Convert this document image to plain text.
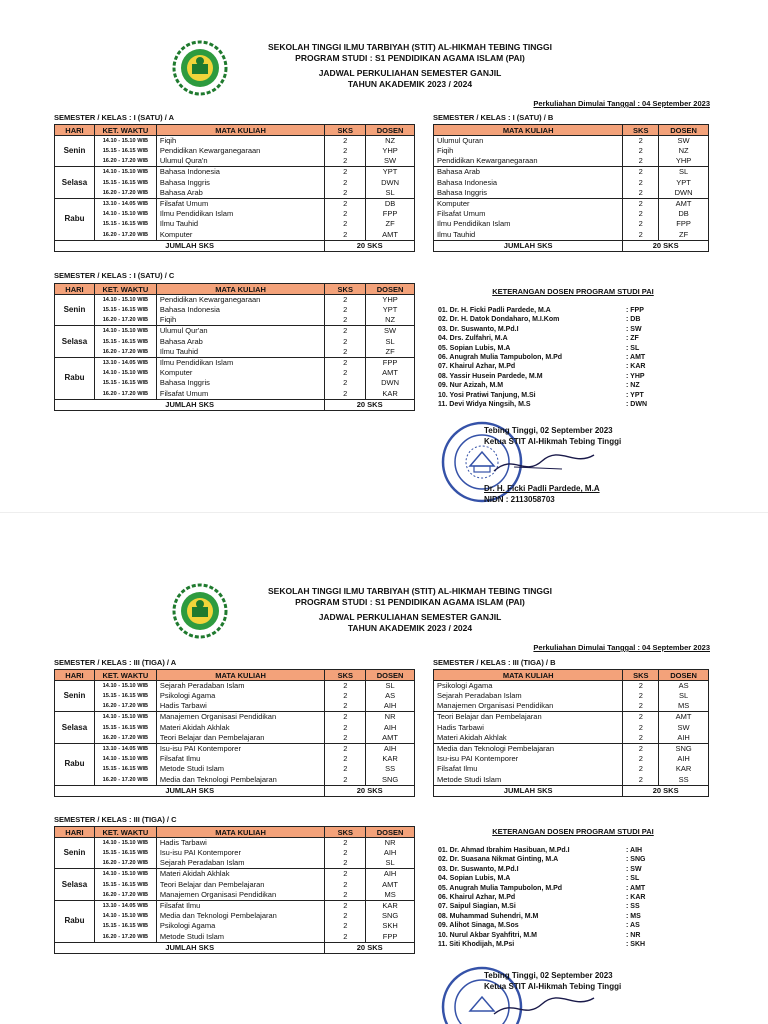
SEKOLAH TINGGI ILMU TARBIYAH (STIT) AL-HIKMAH TEBING TINGGI
PROGRAM STUDI : S1 PENDIDIKAN AGAMA ISLAM (PAI)
JADWAL PERKULIAHAN SEMESTER GANJIL
TAHUN AKADEMIK 2023 / 2024
Perkuliahan Dimulai Tanggal : 04 September 2023
SEMESTER / KELAS : I (SATU) / A
HARI	KET. WAKTU	MATA KULIAH	SKS	DOSEN
Senin	14.10 - 15.10 WIB	Fiqih	2	NZ
	15.15 - 16.15 WIB	Pendidikan Kewarganegaraan	2	YHP
	16.20 - 17.20 WIB	Ulumul Qura'n	2	SW
Selasa	14.10 - 15.10 WIB	Bahasa Indonesia	2	YPT
	15.15 - 16.15 WIB	Bahasa Inggris	2	DWN
	16.20 - 17.20 WIB	Bahasa Arab	2	SL
Rabu	13.10 - 14.05 WIB	Filsafat Umum	2	DB
	14.10 - 15.10 WIB	Ilmu Pendidikan Islam	2	FPP
	15.15 - 16.15 WIB	Ilmu Tauhid	2	ZF
	16.20 - 17.20 WIB	Komputer	2	AMT
JUMLAH SKS			20 SKS	
SEMESTER / KELAS : I (SATU) / B
MATA KULIAH	SKS	DOSEN
Ulumul Quran	2	SW
Fiqih	2	NZ
Pendidikan Kewarganegaraan	2	YHP
Bahasa Arab	2	SL
Bahasa Indonesia	2	YPT
Bahasa Inggris	2	DWN
Komputer	2	AMT
Filsafat Umum	2	DB
Ilmu Pendidikan Islam	2	FPP
Ilmu Tauhid	2	ZF
JUMLAH SKS	20 SKS	
SEMESTER / KELAS : I (SATU) / C
HARI	KET. WAKTU	MATA KULIAH	SKS	DOSEN
Senin	14.10 - 15.10 WIB	Pendidikan Kewarganegaraan	2	YHP
	15.15 - 16.15 WIB	Bahasa Indonesia	2	YPT
	16.20 - 17.20 WIB	Fiqih	2	NZ
Selasa	14.10 - 15.10 WIB	Ulumul Qur'an	2	SW
	15.15 - 16.15 WIB	Bahasa Arab	2	SL
	16.20 - 17.20 WIB	Ilmu Tauhid	2	ZF
Rabu	13.10 - 14.05 WIB	Ilmu Pendidikan Islam	2	FPP
	14.10 - 15.10 WIB	Komputer	2	AMT
	15.15 - 16.15 WIB	Bahasa Inggris	2	DWN
	16.20 - 17.20 WIB	Filsafat Umum	2	KAR
JUMLAH SKS			20 SKS	
KETERANGAN DOSEN PROGRAM STUDI PAI
01. Dr. H. Ficki Padli Pardede, M.A	: FPP
02. Dr. H. Datok Dondaharo, M.I.Kom	: DB
03. Dr. Suswanto, M.Pd.I	: SW
04. Drs. Zulfahri, M.A	: ZF
05. Sopian Lubis, M.A	: SL
06. Anugrah Mulia Tampubolon, M.Pd	: AMT
07. Khairul Azhar, M.Pd	: KAR
08. Yassir Husein Pardede, M.M	: YHP
09. Nur Azizah, M.M	: NZ
10. Yosi Pratiwi Tanjung, M.Si	: YPT
11. Devi Widya Ningsih, M.S	: DWN
Tebing Tinggi, 02 September 2023
Ketua STIT Al-Hikmah Tebing Tinggi
Dr. H. Ficki Padli Pardede, M.A
NIDN : 2113058703
SEKOLAH TINGGI ILMU TARBIYAH (STIT) AL-HIKMAH TEBING TINGGI
PROGRAM STUDI : S1 PENDIDIKAN AGAMA ISLAM (PAI)
JADWAL PERKULIAHAN SEMESTER GANJIL
TAHUN AKADEMIK 2023 / 2024
Perkuliahan Dimulai Tanggal : 04 September 2023
SEMESTER / KELAS : III (TIGA) / A
HARI	KET. WAKTU	MATA KULIAH	SKS	DOSEN
Senin	14.10 - 15.10 WIB	Sejarah Peradaban Islam	2	SL
	15.15 - 16.15 WIB	Psikologi Agama	2	AS
	16.20 - 17.20 WIB	Hadis Tarbawi	2	AIH
Selasa	14.10 - 15.10 WIB	Manajemen Organisasi Pendidikan	2	NR
	15.15 - 16.15 WIB	Materi Akidah Akhlak	2	AIH
	16.20 - 17.20 WIB	Teori Belajar dan Pembelajaran	2	AMT
Rabu	13.10 - 14.05 WIB	Isu-isu PAI Kontemporer	2	AIH
	14.10 - 15.10 WIB	Filsafat Ilmu	2	KAR
	15.15 - 16.15 WIB	Metode Studi Islam	2	SS
	16.20 - 17.20 WIB	Media dan Teknologi Pembelajaran	2	SNG
JUMLAH SKS			20 SKS	
SEMESTER / KELAS : III (TIGA) / B
MATA KULIAH	SKS	DOSEN
Psikologi Agama	2	AS
Sejarah Peradaban Islam	2	SL
Manajemen Organisasi Pendidikan	2	MS
Teori Belajar dan Pembelajaran	2	AMT
Hadis Tarbawi	2	SW
Materi Akidah Akhlak	2	AIH
Media dan Teknologi Pembelajaran	2	SNG
Isu-isu PAI Kontemporer	2	AIH
Filsafat Ilmu	2	KAR
Metode Studi Islam	2	SS
JUMLAH SKS	20 SKS	
SEMESTER / KELAS : III (TIGA) / C
HARI	KET. WAKTU	MATA KULIAH	SKS	DOSEN
Senin	14.10 - 15.10 WIB	Hadis Tarbawi	2	NR
	15.15 - 16.15 WIB	Isu-isu PAI Kontemporer	2	AIH
	16.20 - 17.20 WIB	Sejarah Peradaban Islam	2	SL
Selasa	14.10 - 15.10 WIB	Materi Akidah Akhlak	2	AIH
	15.15 - 16.15 WIB	Teori Belajar dan Pembelajaran	2	AMT
	16.20 - 17.20 WIB	Manajemen Organisasi Pendidikan	2	MS
Rabu	13.10 - 14.05 WIB	Filsafat Ilmu	2	KAR
	14.10 - 15.10 WIB	Media dan Teknologi Pembelajaran	2	SNG
	15.15 - 16.15 WIB	Psikologi Agama	2	SKH
	16.20 - 17.20 WIB	Metode Studi Islam	2	FPP
JUMLAH SKS			20 SKS	
KETERANGAN DOSEN PROGRAM STUDI PAI
01. Dr. Ahmad Ibrahim Hasibuan, M.Pd.I	: AIH
02. Dr. Suasana Nikmat Ginting, M.A	: SNG
03. Dr. Suswanto, M.Pd.I	: SW
04. Sopian Lubis, M.A	: SL
05. Anugrah Mulia Tampubolon, M.Pd	: AMT
06. Khairul Azhar, M.Pd	: KAR
07. Saipul Siagian, M.Si	: SS
08. Muhammad Suhendri, M.M	: MS
09. Alihot Sinaga, M.Sos	: AS
10. Nurul Akbar Syahfitri, M.M	: NR
11. Siti Khodijah, M.Psi	: SKH
Tebing Tinggi, 02 September 2023
Ketua STIT Al-Hikmah Tebing Tinggi
